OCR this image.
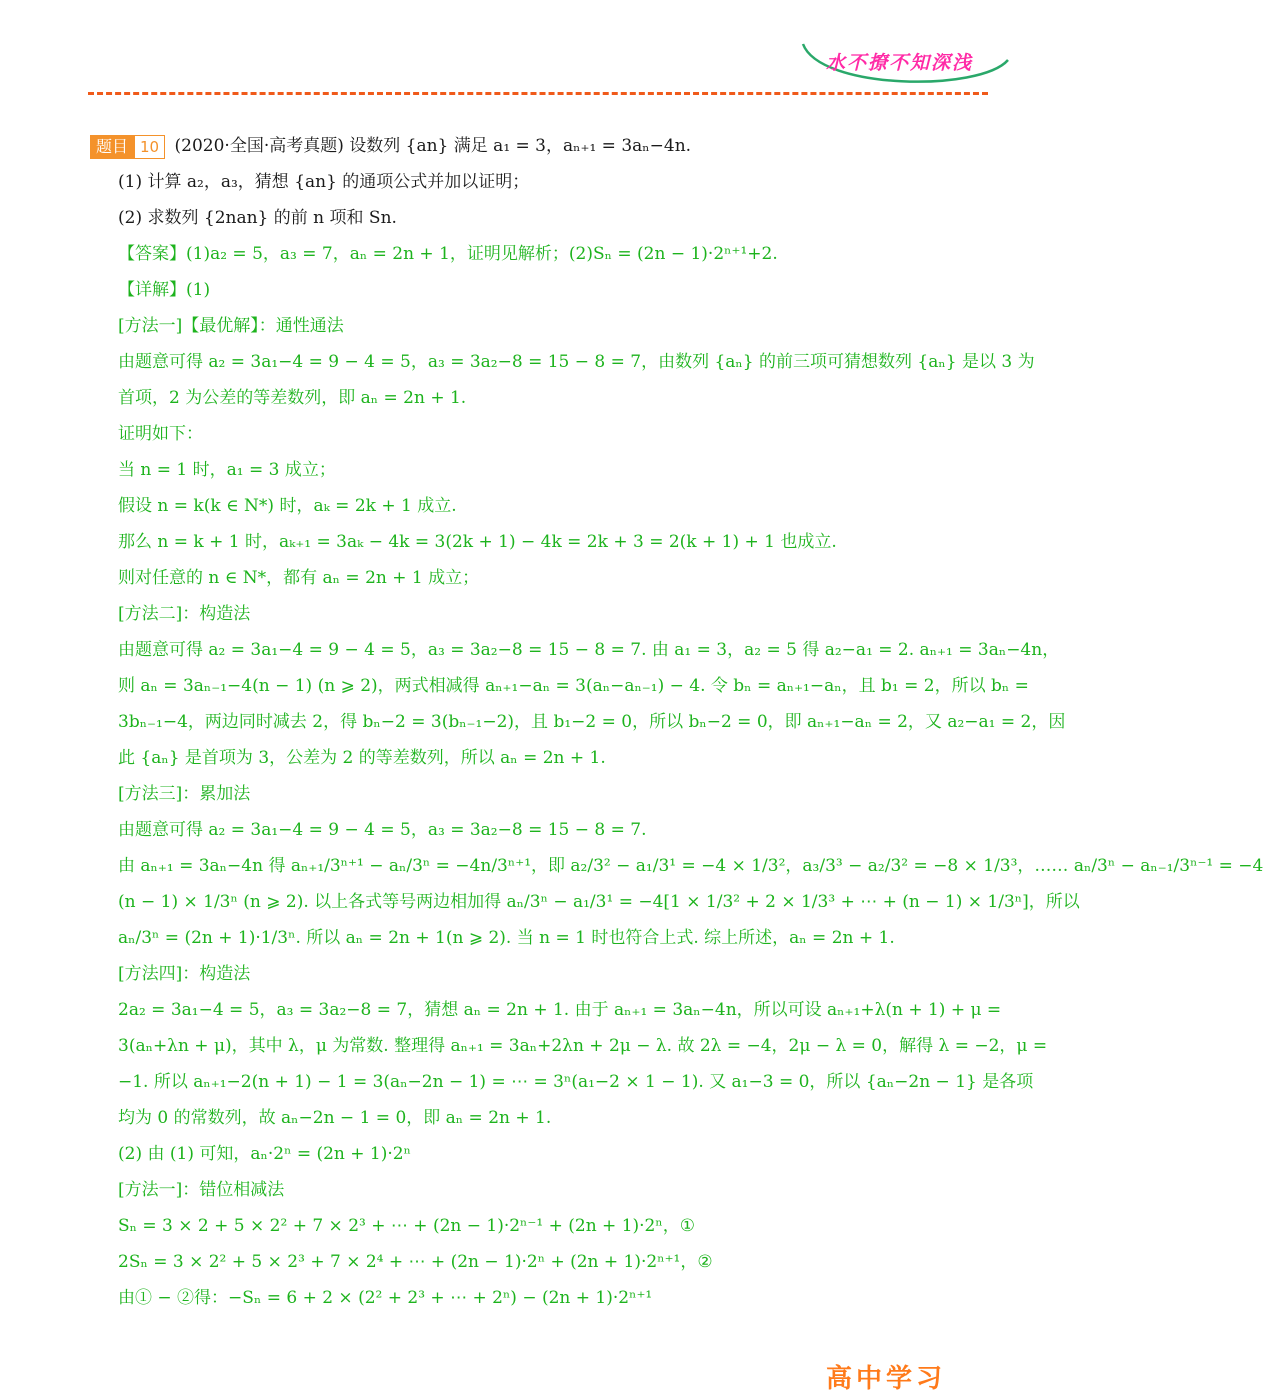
水不撩不知深浅
题目 10 (2020·全国·高考真题) 设数列 {an} 满足 a₁ = 3，aₙ₊₁ = 3aₙ−4n.
(1) 计算 a₂，a₃，猜想 {an} 的通项公式并加以证明；
(2) 求数列 {2nan} 的前 n 项和 Sn.
【答案】(1)a₂ = 5，a₃ = 7，aₙ = 2n + 1，证明见解析；(2)Sₙ = (2n − 1)·2ⁿ⁺¹+2.
【详解】(1)
[方法一]【最优解】：通性通法
由题意可得 a₂ = 3a₁−4 = 9 − 4 = 5，a₃ = 3a₂−8 = 15 − 8 = 7，由数列 {aₙ} 的前三项可猜想数列 {aₙ} 是以 3 为
首项，2 为公差的等差数列，即 aₙ = 2n + 1.
证明如下：
当 n = 1 时，a₁ = 3 成立；
假设 n = k(k ∈ N*) 时，aₖ = 2k + 1 成立.
那么 n = k + 1 时，aₖ₊₁ = 3aₖ − 4k = 3(2k + 1) − 4k = 2k + 3 = 2(k + 1) + 1 也成立.
则对任意的 n ∈ N*，都有 aₙ = 2n + 1 成立；
[方法二]：构造法
由题意可得 a₂ = 3a₁−4 = 9 − 4 = 5，a₃ = 3a₂−8 = 15 − 8 = 7. 由 a₁ = 3，a₂ = 5 得 a₂−a₁ = 2. aₙ₊₁ = 3aₙ−4n，
则 aₙ = 3aₙ₋₁−4(n − 1) (n ⩾ 2)，两式相减得 aₙ₊₁−aₙ = 3(aₙ−aₙ₋₁) − 4. 令 bₙ = aₙ₊₁−aₙ，且 b₁ = 2，所以 bₙ =
3bₙ₋₁−4，两边同时减去 2，得 bₙ−2 = 3(bₙ₋₁−2)，且 b₁−2 = 0，所以 bₙ−2 = 0，即 aₙ₊₁−aₙ = 2，又 a₂−a₁ = 2，因
此 {aₙ} 是首项为 3，公差为 2 的等差数列，所以 aₙ = 2n + 1.
[方法三]：累加法
由题意可得 a₂ = 3a₁−4 = 9 − 4 = 5，a₃ = 3a₂−8 = 15 − 8 = 7.
由 aₙ₊₁ = 3aₙ−4n 得 aₙ₊₁/3ⁿ⁺¹ − aₙ/3ⁿ = −4n/3ⁿ⁺¹，即 a₂/3² − a₁/3¹ = −4 × 1/3²，a₃/3³ − a₂/3² = −8 × 1/3³，…… aₙ/3ⁿ − aₙ₋₁/3ⁿ⁻¹ = −4
(n − 1) × 1/3ⁿ (n ⩾ 2). 以上各式等号两边相加得 aₙ/3ⁿ − a₁/3¹ = −4[1 × 1/3² + 2 × 1/3³ + ⋯ + (n − 1) × 1/3ⁿ]，所以
aₙ/3ⁿ = (2n + 1)·1/3ⁿ. 所以 aₙ = 2n + 1(n ⩾ 2). 当 n = 1 时也符合上式. 综上所述，aₙ = 2n + 1.
[方法四]：构造法
2a₂ = 3a₁−4 = 5，a₃ = 3a₂−8 = 7，猜想 aₙ = 2n + 1. 由于 aₙ₊₁ = 3aₙ−4n，所以可设 aₙ₊₁+λ(n + 1) + μ =
3(aₙ+λn + μ)，其中 λ，μ 为常数. 整理得 aₙ₊₁ = 3aₙ+2λn + 2μ − λ. 故 2λ = −4，2μ − λ = 0，解得 λ = −2，μ =
−1. 所以 aₙ₊₁−2(n + 1) − 1 = 3(aₙ−2n − 1) = ⋯ = 3ⁿ(a₁−2 × 1 − 1). 又 a₁−3 = 0，所以 {aₙ−2n − 1} 是各项
均为 0 的常数列，故 aₙ−2n − 1 = 0，即 aₙ = 2n + 1.
(2) 由 (1) 可知，aₙ·2ⁿ = (2n + 1)·2ⁿ
[方法一]：错位相减法
Sₙ = 3 × 2 + 5 × 2² + 7 × 2³ + ⋯ + (2n − 1)·2ⁿ⁻¹ + (2n + 1)·2ⁿ，①
2Sₙ = 3 × 2² + 5 × 2³ + 7 × 2⁴ + ⋯ + (2n − 1)·2ⁿ + (2n + 1)·2ⁿ⁺¹，②
由① − ②得：−Sₙ = 6 + 2 × (2² + 2³ + ⋯ + 2ⁿ) − (2n + 1)·2ⁿ⁺¹
高中学习
